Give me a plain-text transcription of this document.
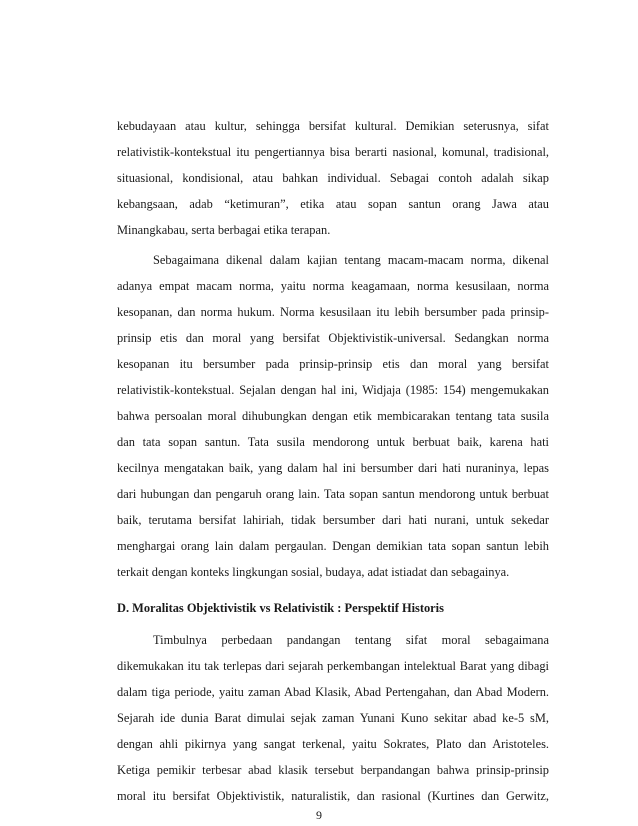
kebudayaan atau kultur, sehingga bersifat kultural. Demikian seterusnya, sifat
relativistik-kontekstual itu pengertiannya bisa berarti nasional, komunal, tradisional,
situasional, kondisional, atau bahkan individual. Sebagai contoh adalah sikap
kebangsaan, adab “ketimuran”, etika atau sopan santun orang Jawa atau
Minangkabau, serta berbagai etika terapan.
Sebagaimana dikenal dalam kajian tentang macam-macam norma, dikenal
adanya empat macam norma, yaitu norma keagamaan, norma kesusilaan, norma
kesopanan, dan norma hukum. Norma kesusilaan itu lebih bersumber pada prinsip-
prinsip etis dan moral yang bersifat Objektivistik-universal. Sedangkan norma
kesopanan itu bersumber pada prinsip-prinsip etis dan moral yang bersifat
relativistik-kontekstual. Sejalan dengan hal ini, Widjaja (1985: 154) mengemukakan
bahwa persoalan moral dihubungkan dengan etik membicarakan tentang tata susila
dan tata sopan santun. Tata susila mendorong untuk berbuat baik, karena hati
kecilnya mengatakan baik, yang dalam hal ini bersumber dari hati nuraninya, lepas
dari hubungan dan pengaruh orang lain. Tata sopan santun mendorong untuk berbuat
baik, terutama bersifat lahiriah, tidak bersumber dari hati nurani, untuk sekedar
menghargai orang lain dalam pergaulan. Dengan demikian tata sopan santun lebih
terkait dengan konteks lingkungan sosial, budaya, adat istiadat dan sebagainya.
D. Moralitas Objektivistik vs Relativistik : Perspektif Historis
Timbulnya perbedaan pandangan tentang sifat moral sebagaimana
dikemukakan itu tak terlepas dari sejarah perkembangan intelektual Barat yang dibagi
dalam tiga periode, yaitu zaman Abad Klasik, Abad Pertengahan, dan Abad Modern.
Sejarah ide dunia Barat dimulai sejak zaman Yunani Kuno sekitar abad ke-5 sM,
dengan ahli pikirnya yang sangat terkenal, yaitu Sokrates, Plato dan Aristoteles.
Ketiga pemikir terbesar abad klasik tersebut berpandangan bahwa prinsip-prinsip
moral itu bersifat Objektivistik, naturalistik, dan rasional (Kurtines dan Gerwitz,
9
